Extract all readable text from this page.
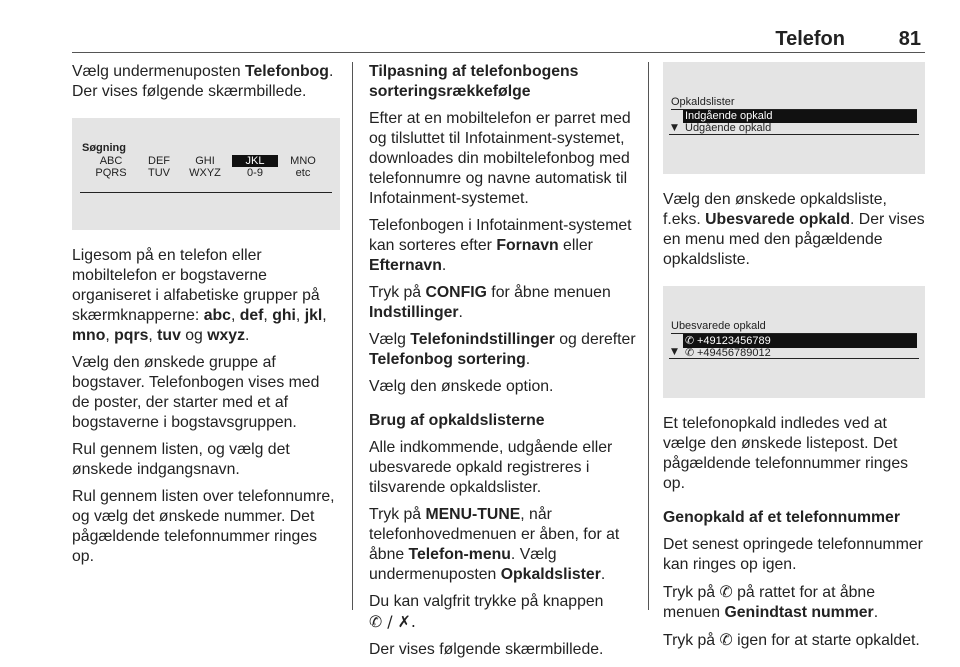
Telefon	81

Vælg undermenuposten Telefonbog. Der vises følgende skærmbillede.

Søgning
ABC	DEF	GHI	JKL	MNO
PQRS	TUV	WXYZ	0-9	etc

Ligesom på en telefon eller mobiltelefon er bogstaverne organiseret i alfabetiske grupper på skærmknapperne: abc, def, ghi, jkl, mno, pqrs, tuv og wxyz.

Vælg den ønskede gruppe af bogstaver. Telefonbogen vises med de poster, der starter med et af bogstaverne i bogstavsgruppen.

Rul gennem listen, og vælg det ønskede indgangsnavn.

Rul gennem listen over telefonnumre, og vælg det ønskede nummer. Det pågældende telefonnummer ringes op.

Tilpasning af telefonbogens sorteringsrækkefølge

Efter at en mobiltelefon er parret med og tilsluttet til Infotainment-systemet, downloades din mobiltelefonbog med telefonnumre og navne automatisk til Infotainment-systemet.

Telefonbogen i Infotainment-systemet kan sorteres efter Fornavn eller Efternavn.

Tryk på CONFIG for åbne menuen Indstillinger.

Vælg Telefonindstillinger og derefter Telefonbog sortering.

Vælg den ønskede option.

Brug af opkaldslisterne

Alle indkommende, udgående eller ubesvarede opkald registreres i tilsvarende opkaldslister.

Tryk på MENU-TUNE, når telefonhovedmenuen er åben, for at åbne Telefon-menu. Vælg undermenuposten Opkaldslister.

Du kan valgfrit trykke på knappen
✆ / ✗.

Der vises følgende skærmbillede.

Opkaldslister
Indgående opkald
▼ Udgående opkald

Vælg den ønskede opkaldsliste, f.eks. Ubesvarede opkald. Der vises en menu med den pågældende opkaldsliste.

Ubesvarede opkald
✆ +49123456789
▼ ✆ +49456789012

Et telefonopkald indledes ved at vælge den ønskede listepost. Det pågældende telefonnummer ringes op.

Genopkald af et telefonnummer

Det senest opringede telefonnummer kan ringes op igen.

Tryk på ✆ på rattet for at åbne menuen Genindtast nummer.

Tryk på ✆ igen for at starte opkaldet.
